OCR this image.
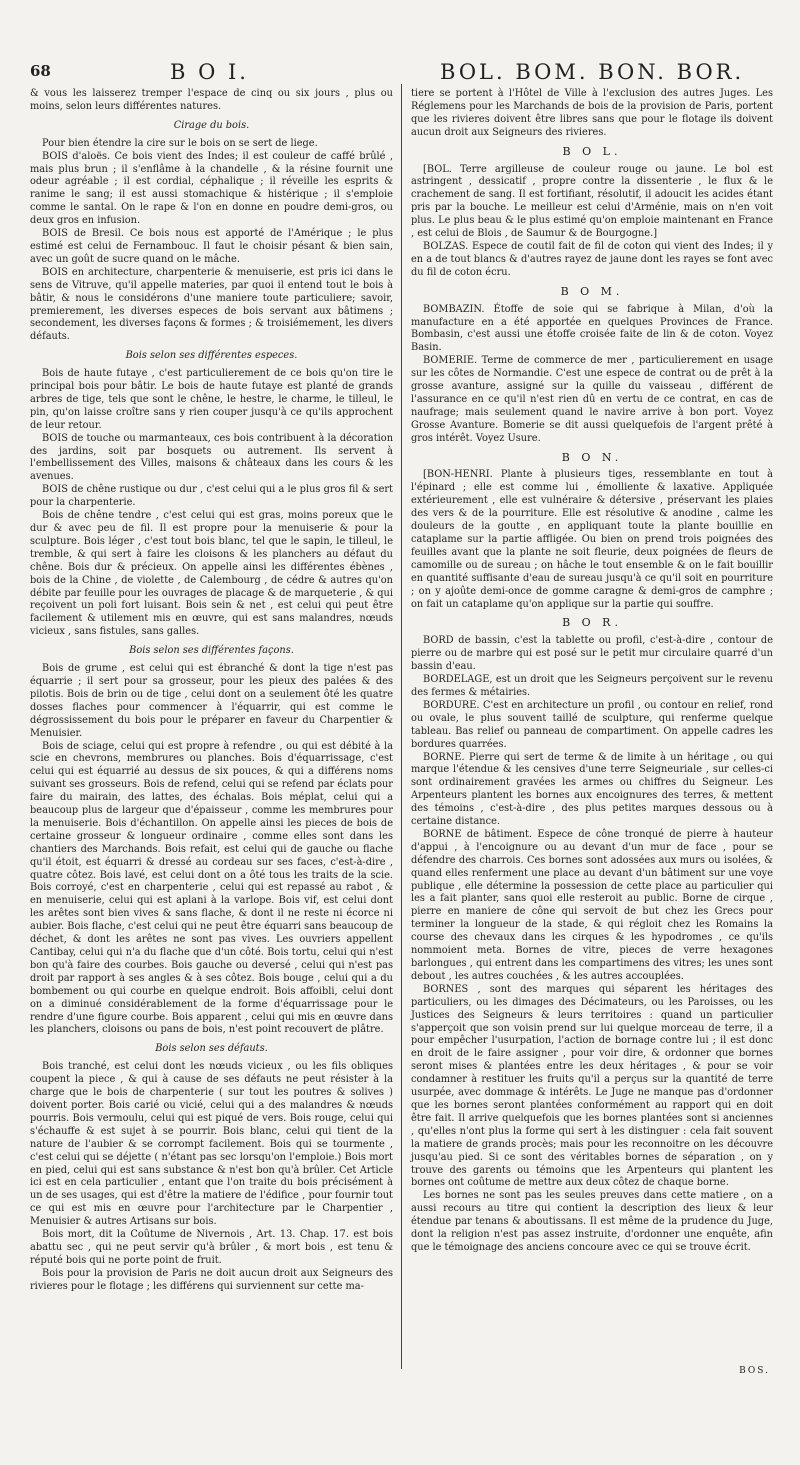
68	B O I.	BOL. BOM. BON. BOR.

& vous les laisserez tremper l'espace de cinq ou six jours , plus ou moins, selon leurs différentes natures.

Cirage du bois.

Pour bien étendre la cire sur le bois on se sert de liege.

BOIS d'aloës. Ce bois vient des Indes; il est couleur de caffé brûlé , mais plus brun ; il s'enflâme à la chandelle , & la résine fournit une odeur agréable ; il est cordial, céphalique ; il réveille les esprits & ranime le sang; il est aussi stomachique & histérique ; il s'emploie comme le santal. On le rape & l'on en donne en poudre demi-gros, ou deux gros en infusion.

BOIS de Bresil. Ce bois nous est apporté de l'Amérique ; le plus estimé est celui de Fernambouc. Il faut le choisir pésant & bien sain, avec un goût de sucre quand on le mâche.

BOIS en architecture, charpenterie & menuiserie, est pris ici dans le sens de Vitruve, qu'il appelle materies, par quoi il entend tout le bois à bâtir, & nous le considérons d'une maniere toute particuliere; savoir, premierement, les diverses especes de bois servant aux bâtimens ; secondement, les diverses façons & formes ; & troisiémement, les divers défauts.

Bois selon ses différentes especes.

Bois de haute futaye , c'est particulierement de ce bois qu'on tire le principal bois pour bâtir. Le bois de haute futaye est planté de grands arbres de tige, tels que sont le chêne, le hestre, le charme, le tilleul, le pin, qu'on laisse croître sans y rien couper jusqu'à ce qu'ils approchent de leur retour.

BOIS de touche ou marmanteaux, ces bois contribuent à la décoration des jardins, soit par bosquets ou autrement. Ils servent à l'embellissement des Villes, maisons & châteaux dans les cours & les avenues.

BOIS de chêne rustique ou dur , c'est celui qui a le plus gros fil & sert pour la charpenterie.

Bois de chêne tendre , c'est celui qui est gras, moins poreux que le dur & avec peu de fil. Il est propre pour la menuiserie & pour la sculpture. Bois léger , c'est tout bois blanc, tel que le sapin, le tilleul, le tremble, & qui sert à faire les cloisons & les planchers au défaut du chêne. Bois dur & précieux. On appelle ainsi les différentes ébènes , bois de la Chine , de violette , de Calembourg , de cédre & autres qu'on débite par feuille pour les ouvrages de placage & de marqueterie , & qui reçoivent un poli fort luisant. Bois sein & net , est celui qui peut être facilement & utilement mis en œuvre, qui est sans malandres, nœuds vicieux , sans fistules, sans galles.

Bois selon ses différentes façons.

Bois de grume , est celui qui est ébranché & dont la tige n'est pas équarrie ; il sert pour sa grosseur, pour les pieux des palées & des pilotis. Bois de brin ou de tige , celui dont on a seulement ôté les quatre dosses flaches pour commencer à l'équarrir, qui est comme le dégrossissement du bois pour le préparer en faveur du Charpentier & Menuisier.

Bois de sciage, celui qui est propre à refendre , ou qui est débité à la scie en chevrons, membrures ou planches. Bois d'équarrissage, c'est celui qui est équarrié au dessus de six pouces, & qui a différens noms suivant ses grosseurs. Bois de refend, celui qui se refend par éclats pour faire du mairain, des lattes, des échalas. Bois méplat, celui qui a beaucoup plus de largeur que d'épaisseur , comme les membrures pour la menuiserie. Bois d'échantillon. On appelle ainsi les pieces de bois de certaine grosseur & longueur ordinaire , comme elles sont dans les chantiers des Marchands. Bois refait, est celui qui de gauche ou flache qu'il étoit, est équarri & dressé au cordeau sur ses faces, c'est-à-dire , quatre côtez. Bois lavé, est celui dont on a ôté tous les traits de la scie. Bois corroyé, c'est en charpenterie , celui qui est repassé au rabot , & en menuiserie, celui qui est aplani à la varlope. Bois vif, est celui dont les arêtes sont bien vives & sans flache, & dont il ne reste ni écorce ni aubier. Bois flache, c'est celui qui ne peut être équarri sans beaucoup de déchet, & dont les arêtes ne sont pas vives. Les ouvriers appellent Cantibay, celui qui n'a du flache que d'un côté. Bois tortu, celui qui n'est bon qu'à faire des courbes. Bois gauche ou deversé , celui qui n'est pas droit par rapport à ses angles & à ses côtez. Bois bouge , celui qui a du bombement ou qui courbe en quelque endroit. Bois affoibli, celui dont on a diminué considérablement de la forme d'équarrissage pour le rendre d'une figure courbe. Bois apparent , celui qui mis en œuvre dans les planchers, cloisons ou pans de bois, n'est point recouvert de plâtre.

Bois selon ses défauts.

Bois tranché, est celui dont les nœuds vicieux , ou les fils obliques coupent la piece , & qui à cause de ses défauts ne peut résister à la charge que le bois de charpenterie ( sur tout les poutres & solives ) doivent porter. Bois carié ou vicié, celui qui a des malandres & nœuds pourris. Bois vermoulu, celui qui est piqué de vers. Bois rouge, celui qui s'échauffe & est sujet à se pourrir. Bois blanc, celui qui tient de la nature de l'aubier & se corrompt facilement. Bois qui se tourmente , c'est celui qui se déjette ( n'étant pas sec lorsqu'on l'emploie.) Bois mort en pied, celui qui est sans substance & n'est bon qu'à brûler. Cet Article ici est en cela particulier , entant que l'on traite du bois précisément à un de ses usages, qui est d'être la matiere de l'édifice , pour fournir tout ce qui est mis en œuvre pour l'architecture par le Charpentier , Menuisier & autres Artisans sur bois.

Bois mort, dit la Coûtume de Nivernois , Art. 13. Chap. 17. est bois abattu sec , qui ne peut servir qu'à brûler , & mort bois , est tenu & réputé bois qui ne porte point de fruit.

Bois pour la provision de Paris ne doit aucun droit aux Seigneurs des rivieres pour le flotage ; les différens qui surviennent sur cette ma-

tiere se portent à l'Hôtel de Ville à l'exclusion des autres Juges. Les Réglemens pour les Marchands de bois de la provision de Paris, portent que les rivieres doivent être libres sans que pour le flotage ils doivent aucun droit aux Seigneurs des rivieres.

B O L.

[BOL. Terre argilleuse de couleur rouge ou jaune. Le bol est astringent , dessicatif , propre contre la dissenterie , le flux & le crachement de sang. Il est fortifiant, résolutif, il adoucit les acides étant pris par la bouche. Le meilleur est celui d'Arménie, mais on n'en voit plus. Le plus beau & le plus estimé qu'on emploie maintenant en France , est celui de Blois , de Saumur & de Bourgogne.]

BOLZAS. Espece de coutil fait de fil de coton qui vient des Indes; il y en a de tout blancs & d'autres rayez de jaune dont les rayes se font avec du fil de coton écru.

B O M.

BOMBAZIN. Étoffe de soie qui se fabrique à Milan, d'où la manufacture en a été apportée en quelques Provinces de France. Bombasin, c'est aussi une étoffe croisée faite de lin & de coton. Voyez Basin.

BOMERIE. Terme de commerce de mer , particulierement en usage sur les côtes de Normandie. C'est une espece de contrat ou de prêt à la grosse avanture, assigné sur la quille du vaisseau , différent de l'assurance en ce qu'il n'est rien dû en vertu de ce contrat, en cas de naufrage; mais seulement quand le navire arrive à bon port. Voyez Grosse Avanture. Bomerie se dit aussi quelquefois de l'argent prêté à gros intérêt. Voyez Usure.

B O N.

[BON-HENRI. Plante à plusieurs tiges, ressemblante en tout à l'épinard ; elle est comme lui , émolliente & laxative. Appliquée extérieurement , elle est vulnéraire & détersive , préservant les plaies des vers & de la pourriture. Elle est résolutive & anodine , calme les douleurs de la goutte , en appliquant toute la plante bouillie en cataplame sur la partie affligée. Ou bien on prend trois poignées des feuilles avant que la plante ne soit fleurie, deux poignées de fleurs de camomille ou de sureau ; on hâche le tout ensemble & on le fait bouillir en quantité suffisante d'eau de sureau jusqu'à ce qu'il soit en pourriture ; on y ajoûte demi-once de gomme caragne & demi-gros de camphre ; on fait un cataplame qu'on applique sur la partie qui souffre.

B O R.

BORD de bassin, c'est la tablette ou profil, c'est-à-dire , contour de pierre ou de marbre qui est posé sur le petit mur circulaire quarré d'un bassin d'eau.

BORDELAGE, est un droit que les Seigneurs perçoivent sur le revenu des fermes & métairies.

BORDURE. C'est en architecture un profil , ou contour en relief, rond ou ovale, le plus souvent taillé de sculpture, qui renferme quelque tableau. Bas relief ou panneau de compartiment. On appelle cadres les bordures quarrées.

BORNE. Pierre qui sert de terme & de limite à un héritage , ou qui marque l'étendue & les censives d'une terre Seigneuriale , sur celles-ci sont ordinairement gravées les armes ou chiffres du Seigneur. Les Arpenteurs plantent les bornes aux encoignures des terres, & mettent des témoins , c'est-à-dire , des plus petites marques dessous ou à certaine distance.

BORNE de bâtiment. Espece de cône tronqué de pierre à hauteur d'appui , à l'encoignure ou au devant d'un mur de face , pour se défendre des charrois. Ces bornes sont adossées aux murs ou isolées, & quand elles renferment une place au devant d'un bâtiment sur une voye publique , elle détermine la possession de cette place au particulier qui les a fait planter, sans quoi elle resteroit au public. Borne de cirque , pierre en maniere de cône qui servoit de but chez les Grecs pour terminer la longueur de la stade, & qui régloit chez les Romains la course des chevaux dans les cirques & les hypodromes , ce qu'ils nommoient meta. Bornes de vitre, pieces de verre hexagones barlongues , qui entrent dans les compartimens des vitres; les unes sont debout , les autres couchées , & les autres accouplées.

BORNES , sont des marques qui séparent les héritages des particuliers, ou les dimages des Décimateurs, ou les Paroisses, ou les Justices des Seigneurs & leurs territoires : quand un particulier s'apperçoit que son voisin prend sur lui quelque morceau de terre, il a pour empêcher l'usurpation, l'action de bornage contre lui ; il est donc en droit de le faire assigner , pour voir dire, & ordonner que bornes seront mises & plantées entre les deux héritages , & pour se voir condamner à restituer les fruits qu'il a perçus sur la quantité de terre usurpée, avec dommage & intérêts. Le Juge ne manque pas d'ordonner que les bornes seront plantées conformément au rapport qui en doit être fait. Il arrive quelquefois que les bornes plantées sont si anciennes , qu'elles n'ont plus la forme qui sert à les distinguer : cela fait souvent la matiere de grands procès; mais pour les reconnoitre on les découvre jusqu'au pied. Si ce sont des véritables bornes de séparation , on y trouve des garents ou témoins que les Arpenteurs qui plantent les bornes ont coûtume de mettre aux deux côtez de chaque borne.

Les bornes ne sont pas les seules preuves dans cette matiere , on a aussi recours au titre qui contient la description des lieux & leur étendue par tenans & aboutissans. Il est même de la prudence du Juge, dont la religion n'est pas assez instruite, d'ordonner une enquête, afin que le témoignage des anciens concoure avec ce qui se trouve écrit.

BOS.
